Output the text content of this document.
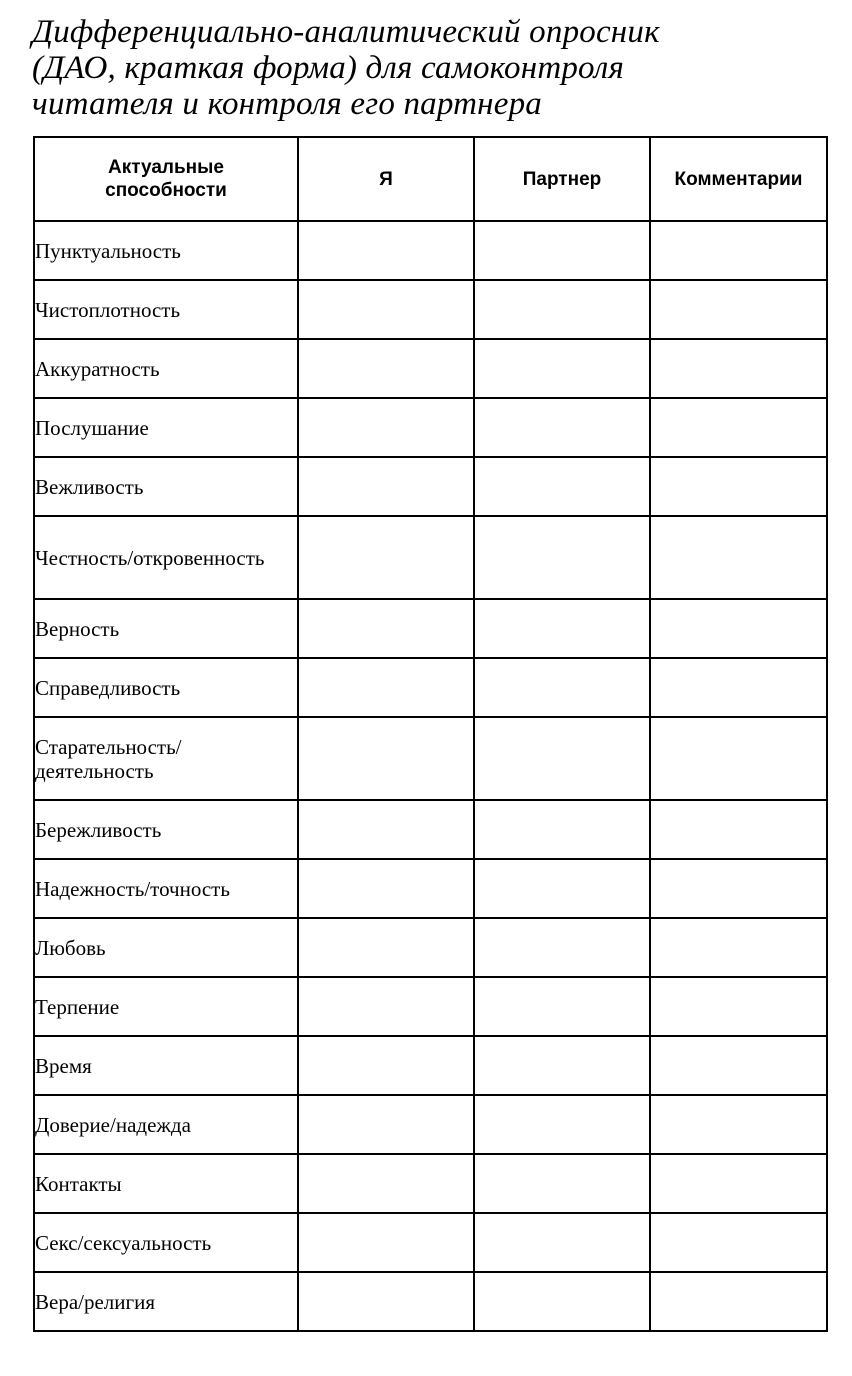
Дифференциально-аналитический опросник
(ДАО, краткая форма) для самоконтроля
читателя и контроля его партнера
Актуальные способности	Я	Партнер	Комментарии
Пунктуальность			
Чистоплотность			
Аккуратность			
Послушание			
Вежливость			
Честность/откровенность			
Верность			
Справедливость			
Старательность/деятельность			
Бережливость			
Надежность/точность			
Любовь			
Терпение			
Время			
Доверие/надежда			
Контакты			
Секс/сексуальность			
Вера/религия			
